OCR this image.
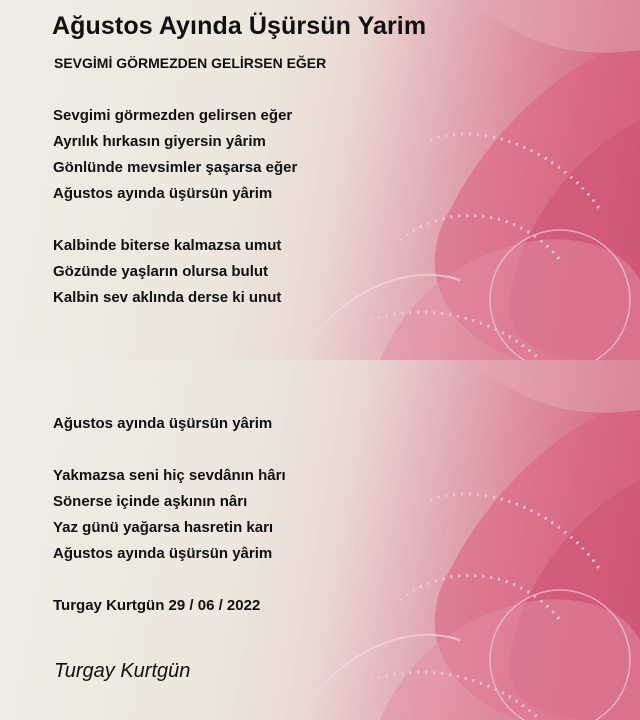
Ağustos Ayında Üşürsün Yarim

SEVGİMİ GÖRMEZDEN GELİRSEN EĞER

Sevgimi görmezden gelirsen eğer
Ayrılık hırkasın giyersin yârim
Gönlünde mevsimler şaşarsa eğer
Ağustos ayında üşürsün yârim
Kalbinde biterse kalmazsa umut
Gözünde yaşların olursa bulut
Kalbin sev aklında derse ki unut
Ağustos ayında üşürsün yârim
Yakmazsa seni hiç sevdânın hârı
Sönerse içinde aşkının nârı
Yaz günü yağarsa hasretin karı
Ağustos ayında üşürsün yârim
Turgay Kurtgün 29 / 06 / 2022

Turgay Kurtgün
